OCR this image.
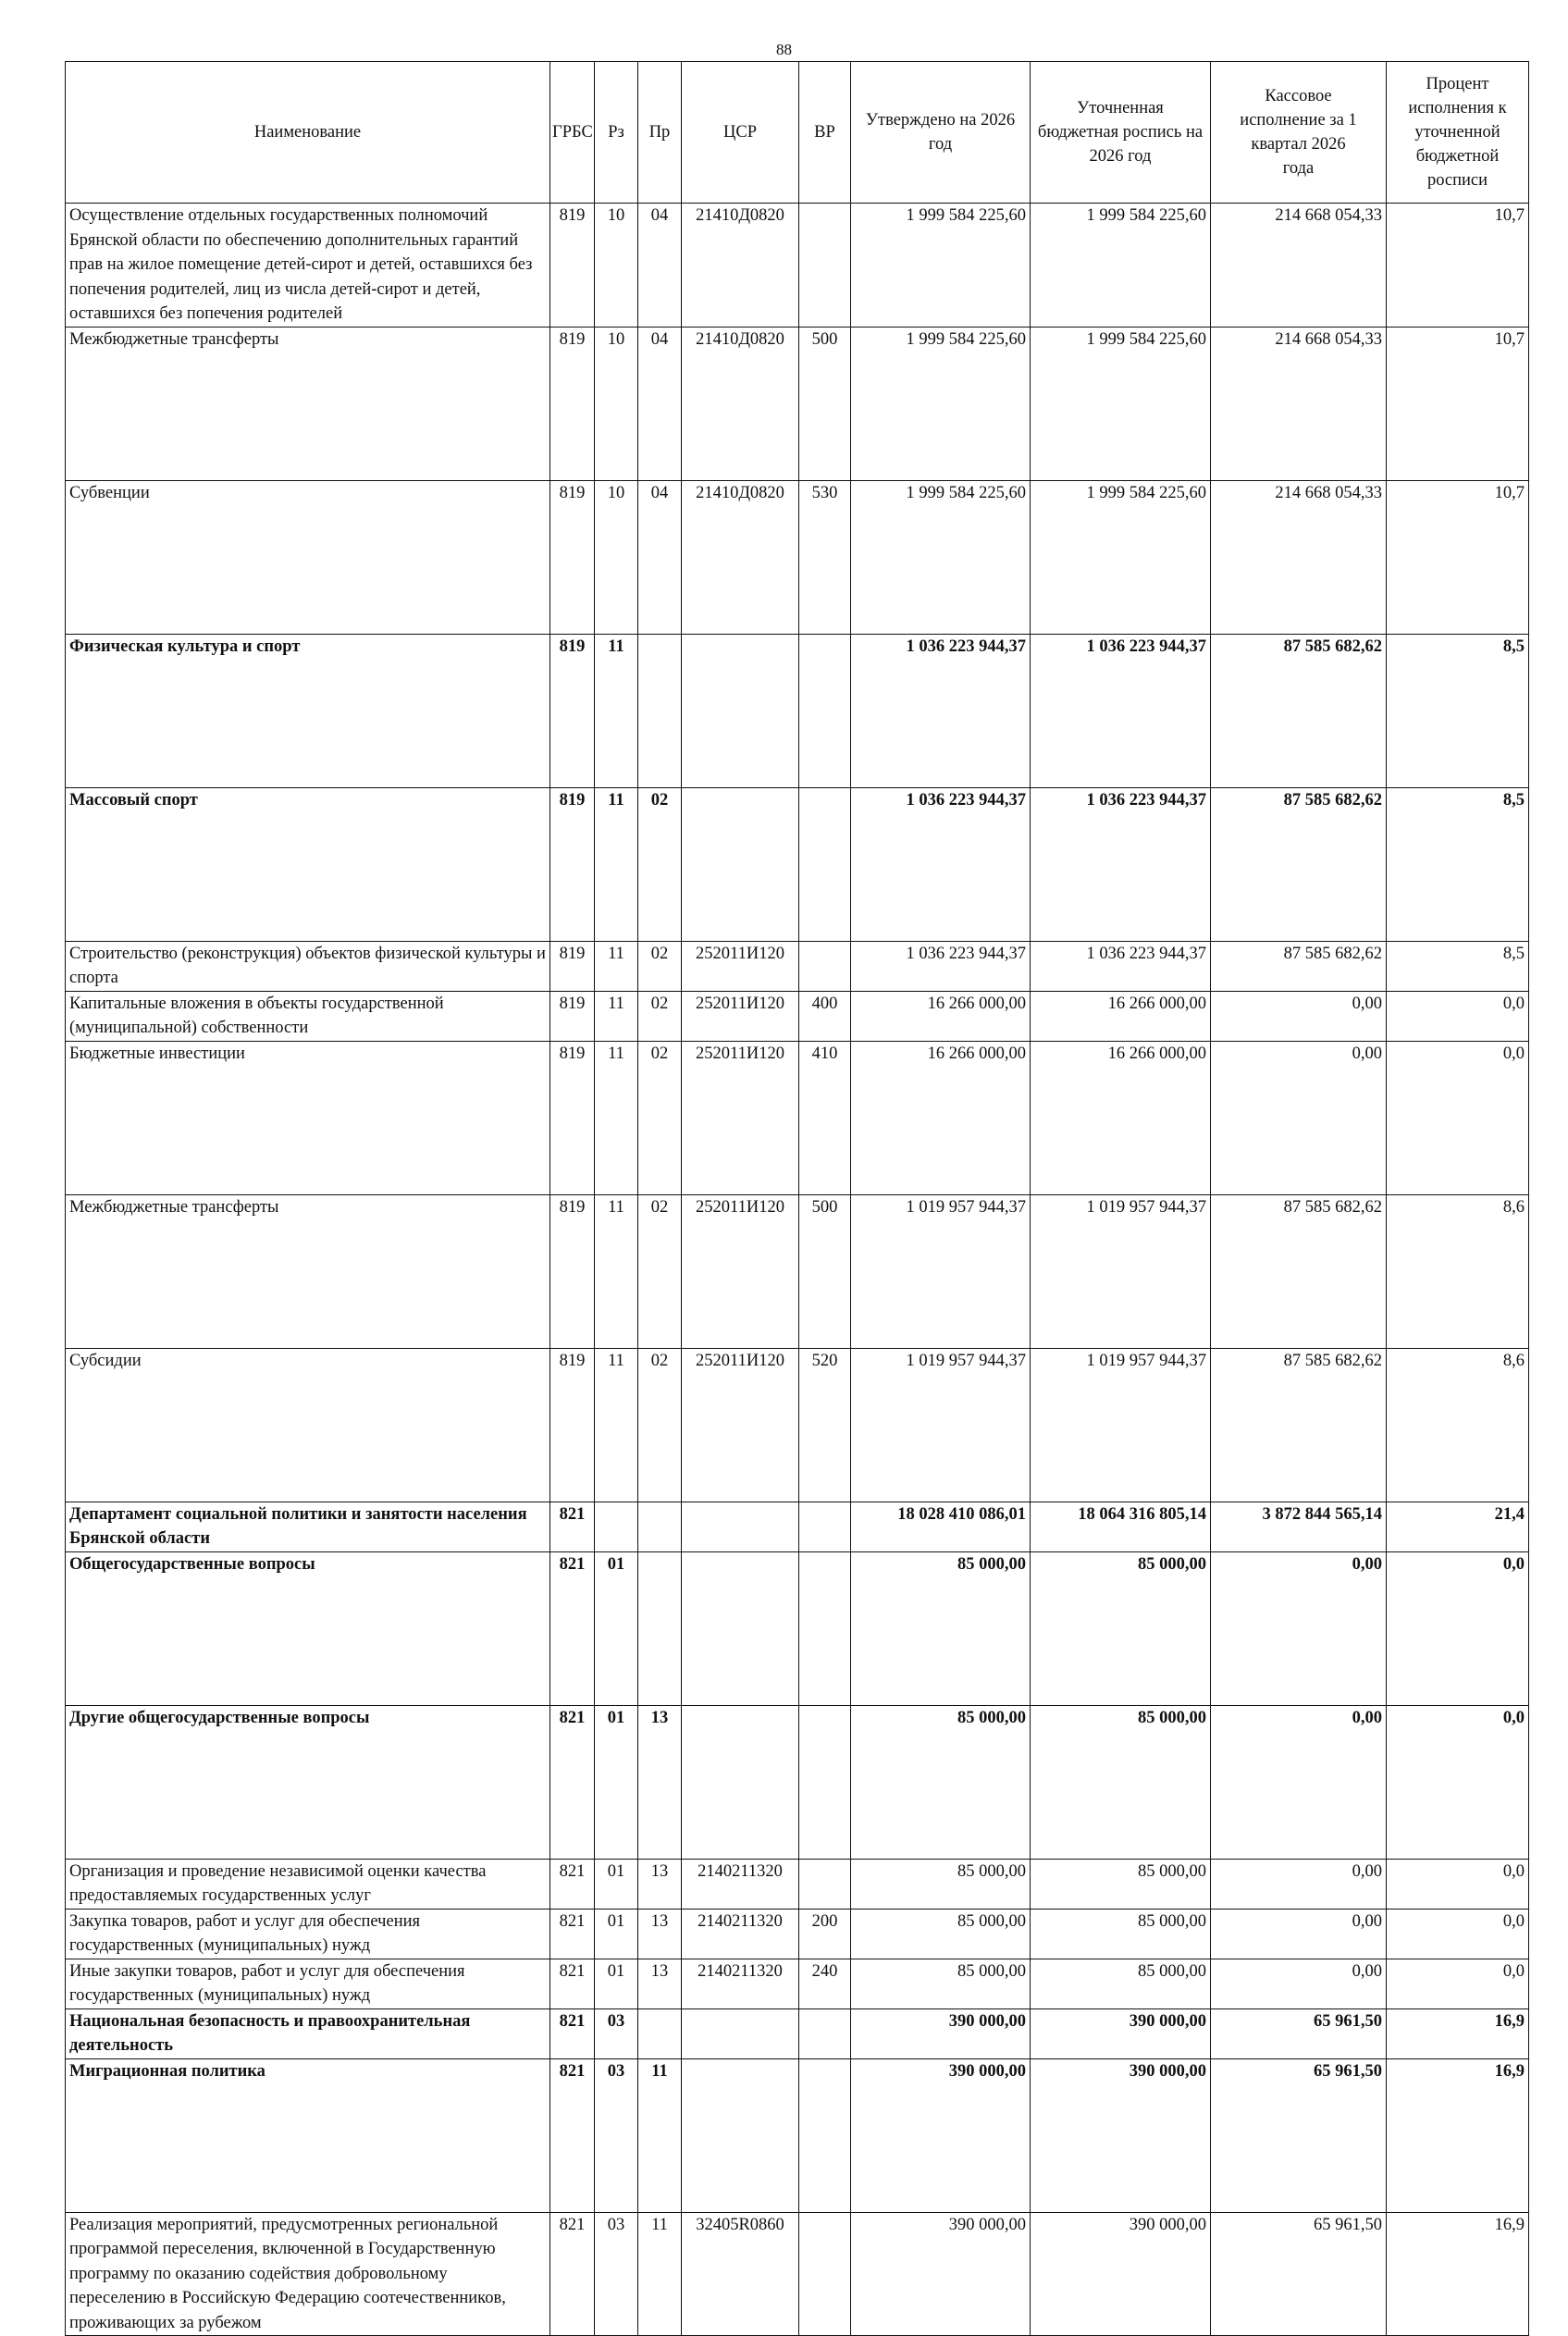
88
Наименование	ГРБС	Рз	Пр	ЦСР	ВР	Утверждено на 2026 год	Уточненная бюджетная роспись на 2026 год	Кассовое исполнение за 1 квартал 2026 года	Процент исполнения к уточненной бюджетной росписи
Осуществление отдельных государственных полномочий Брянской области по обеспечению дополнительных гарантий прав на жилое помещение детей-сирот и детей, оставшихся без попечения родителей, лиц из числа детей-сирот и детей, оставшихся без попечения родителей	819	10	04	21410Д0820		1 999 584 225,60	1 999 584 225,60	214 668 054,33	10,7
Межбюджетные трансферты	819	10	04	21410Д0820	500	1 999 584 225,60	1 999 584 225,60	214 668 054,33	10,7
Субвенции	819	10	04	21410Д0820	530	1 999 584 225,60	1 999 584 225,60	214 668 054,33	10,7
Физическая культура и спорт	819	11				1 036 223 944,37	1 036 223 944,37	87 585 682,62	8,5
Массовый спорт	819	11	02			1 036 223 944,37	1 036 223 944,37	87 585 682,62	8,5
Строительство (реконструкция) объектов физической культуры и спорта	819	11	02	252011И120		1 036 223 944,37	1 036 223 944,37	87 585 682,62	8,5
Капитальные вложения в объекты государственной (муниципальной) собственности	819	11	02	252011И120	400	16 266 000,00	16 266 000,00	0,00	0,0
Бюджетные инвестиции	819	11	02	252011И120	410	16 266 000,00	16 266 000,00	0,00	0,0
Межбюджетные трансферты	819	11	02	252011И120	500	1 019 957 944,37	1 019 957 944,37	87 585 682,62	8,6
Субсидии	819	11	02	252011И120	520	1 019 957 944,37	1 019 957 944,37	87 585 682,62	8,6
Департамент социальной политики и занятости населения Брянской области	821					18 028 410 086,01	18 064 316 805,14	3 872 844 565,14	21,4
Общегосударственные вопросы	821	01				85 000,00	85 000,00	0,00	0,0
Другие общегосударственные вопросы	821	01	13			85 000,00	85 000,00	0,00	0,0
Организация и проведение независимой оценки качества предоставляемых государственных услуг	821	01	13	2140211320		85 000,00	85 000,00	0,00	0,0
Закупка товаров, работ и услуг для обеспечения государственных (муниципальных) нужд	821	01	13	2140211320	200	85 000,00	85 000,00	0,00	0,0
Иные закупки товаров, работ и услуг для обеспечения государственных (муниципальных) нужд	821	01	13	2140211320	240	85 000,00	85 000,00	0,00	0,0
Национальная безопасность и правоохранительная деятельность	821	03				390 000,00	390 000,00	65 961,50	16,9
Миграционная политика	821	03	11			390 000,00	390 000,00	65 961,50	16,9
Реализация мероприятий, предусмотренных региональной программой переселения, включенной в Государственную программу по оказанию содействия добровольному переселению в Российскую Федерацию соотечественников, проживающих за рубежом	821	03	11	32405R0860		390 000,00	390 000,00	65 961,50	16,9
